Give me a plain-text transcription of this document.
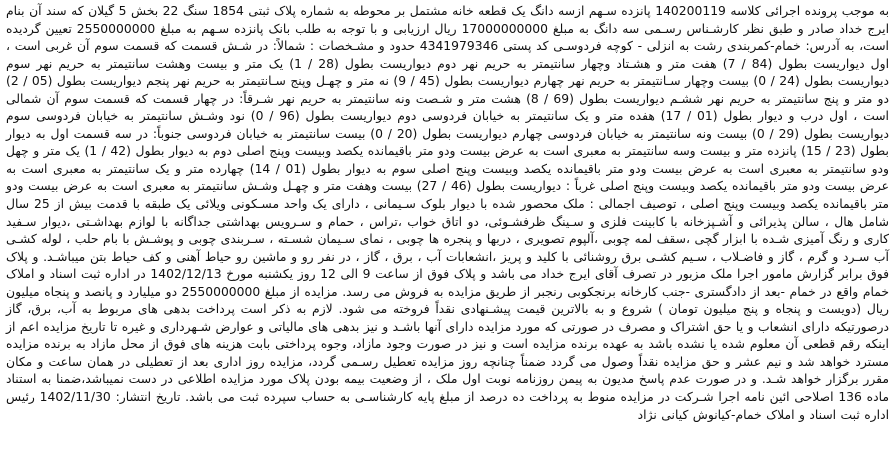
به موجب پرونده اجرائی کلاسه 140200119 پانزده سـهم ازسه دانگ یک قطعه خانه مشتمل بر محوطه به شماره پلاک ثبتی 1854 سنگ 22 بخش 5 گیلان که سند آن بنام ایرج خداد صادر و طبق نظر کارشـناس رسـمی سه دانگ به مبلغ 17000000000 ریال ارزیابی و با توجه به طلب بانک پانزده سـهم به مبلغ 2550000000 تعیین گردیده است، به آدرس: خمام-کمربندی رشت به انزلی - کوچه فردوسـی کد پستی 4341979346 حدود و مشـخصات : شمالاً: در شـش قسمت که قسمت سوم آن غربی است ، اول دیواریست بطول (84 / 7) هفت متر و هشـتاد وچهار سانتیمتر به حریم نهر دوم دیواریست بطول (28 / 1) یک متر و بیست وهشت سانتیمتر به حریم نهر سوم دیواریست بطول (24 / 0) بیست وچهار سـانتیمتر به حریم نهر چهارم دیواریست بطول (45 / 9) نه متر و چهـل وپنج سـانتیمتر به حریم نهر پنجم دیواریست بطول (05 / 2) دو متر و پنج سانتیمتر به حریم نهر ششـم دیواریست بطول (69 / 8) هشت متر و شـصت ونه سانتیمتر به حریم نهر شـرقاً: در چهار قسمت که قسمت سوم آن شمالی است ، اول درب و دیوار بطول (01 / 17) هفده متر و یک سانتیمتر به خیابان فردوسی دوم دیواریست بطول (96 / 0) نود وشـش سانتیمتر به خیابان فردوسی سوم دیواریست بطول (29 / 0) بیست ونه سانتیمتر به خیابان فردوسی چهارم دیواریست بطول (20 / 0) بیست سانتیمتر به خیابان فردوسی جنوباً: در سه قسمت اول به دیوار بطول (23 / 15) پانزده متر و بیست وسه سانتیمتر به معبری است به عرض بیست ودو متر باقیمانده یکصد وبیست وپنج اصلی دوم به دیوار بطول (42 / 1) یک متر و چهل ودو سانتیمتر به معبری است به عرض بیست ودو متر باقیمانده یکصد وبیست وپنج اصلی سوم به دیوار بطول (01 / 14) چهارده متر و یک سانتیمتر به معبری است به عرض بیست ودو متر باقیمانده یکصد وبیست وپنج اصلی غرباً : دیواریست بطول (46 / 27) بیست وهفت متر و چهـل وشـش سانتیمتر به معبری است به عرض بیست ودو متر باقیمانده یکصد وبیست وپنج اصلی ، توصیف اجمالی : ملک محصور شده با دیوار بلوک سـیمانی ، دارای یک واحد مسـکونی ویلائی یک طبقه با قدمت بیش از 25 سال شامل هال ، سالن پذیرائی و آشـپزخانه با کابینت فلزی و سـینگ ظرفشـوئی، دو اتاق خواب ،تراس ، حمام و سـرویس بهداشتی جداگانه با لوازم بهداشـتی ،دیوار سـفید کاری و رنگ آمیزی شـده با ابزار گچی ،سقف لمه چوبی ،آلپوم تصویری ، دربها و پنجره ها چوبی ، نمای سـیمان شسـته ، سـربندی چوبی و پوشـش با بام حلب ، لوله کشـی آب سـرد و گرم ، گاز و فاضـلاب ، سـیم کشـی برق روشنائی با کلید و پریز ،انشعابات آب ، برق ، گاز ، در نفر رو و ماشین رو حیاط آهنی و کف حیاط بتن میباشـد. و پلاک فوق برابر گزارش مامور اجرا ملک مزبور در تصرف آقای ایرج خداد می باشد و پلاک فوق از ساعت 9 الی 12 روز یکشنبه مورخ 1402/12/13 در اداره ثبت اسناد و املاک خمام واقع در خمام -بعد از دادگستری -جنب کارخانه برنجکوبی رنجبر از طریق مزایده به فروش می رسد. مزایده از مبلغ 2550000000 دو میلیارد و پانصد و پنجاه میلیون ریال (دویست و پنجاه و پنج میلیون تومان ) شروع و به بالاترین قیمت پیشـنهادی نقداً فروخته می شود. لازم به ذکر است پرداخت بدهی های مربوط به آب، برق، گاز درصورتیکه دارای انشعاب و یا حق اشتراک و مصرف در صورتی که مورد مزایده دارای آنها باشـد و نیز بدهی های مالیاتی و عوارض شـهرداری و غیره تا تاریخ مزایده اعم از اینکه رقم قطعی آن معلوم شده یا نشده باشد به عهده برنده مزایده است و نیز در صورت وجود مازاد، وجوه پرداختی بابت هزینه های فوق از محل مازاد به برنده مزایده مسترد خواهد شد و نیم عشر و حق مزایده نقداً وصول می گردد ضمناً چنانچه روز مزایده تعطیل رسـمی گردد، مزایده روز اداری بعد از تعطیلی در همان ساعت و مکان مقرر برگزار خواهد شـد. و در صورت عدم پاسخ مدیون به پیمن روزنامه نوبت اول ملک ، از وضعیت بیمه بودن پلاک مورد مزایده اطلاعی در دست نمیباشد،ضمنا به استناد ماده 136 اصلاحی ائین نامه اجرا شـرکت در مزایده منوط به پرداخت ده درصد از مبلغ پایه کارشناسـی به حساب سپرده ثبت می باشد. تاریخ انتشار: 1402/11/30 رئیس اداره ثبت اسناد و املاک خمام-کیانوش کیانی نژاد
